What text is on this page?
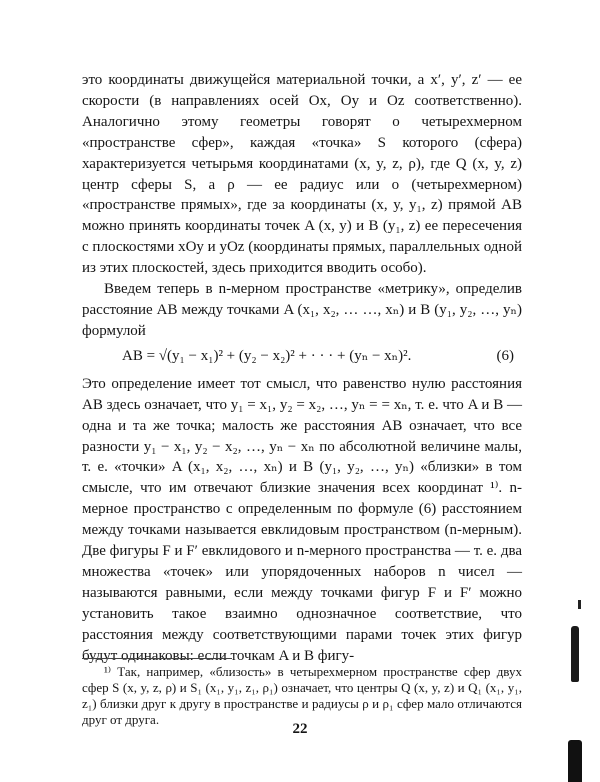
это координаты движущейся материальной точки, а x′, y′, z′ — ее скорости (в направлениях осей Ox, Oy и Oz соответственно). Аналогично этому геометры говорят о четырехмерном «пространстве сфер», каждая «точка» S которого (сфера) характеризуется четырьмя координатами (x, y, z, ρ), где Q (x, y, z) центр сферы S, а ρ — ее радиус или о (четырехмерном) «пространстве прямых», где за координаты (x, y, y₁, z) прямой AB можно принять координаты точек A (x, y) и B (y₁, z) ее пересечения с плоскостями xOy и yOz (координаты прямых, параллельных одной из этих плоскостей, здесь приходится вводить особо).

Введем теперь в n-мерном пространстве «метрику», определив расстояние AB между точками A (x₁, x₂, … …, xₙ) и B (y₁, y₂, …, yₙ) формулой

AB = √(y₁ − x₁)² + (y₂ − x₂)² + · · · + (yₙ − xₙ)².	(6)

Это определение имеет тот смысл, что равенство нулю расстояния AB здесь означает, что y₁ = x₁, y₂ = x₂, …, yₙ = = xₙ, т. е. что A и B — одна и та же точка; малость же расстояния AB означает, что все разности y₁ − x₁, y₂ − x₂, …, yₙ − xₙ по абсолютной величине малы, т. е. «точки» A (x₁, x₂, …, xₙ) и B (y₁, y₂, …, yₙ) «близки» в том смысле, что им отвечают близкие значения всех координат ¹⁾. n-мерное пространство с определенным по формуле (6) расстоянием между точками называется евклидовым пространством (n-мерным). Две фигуры F и F′ евклидового и n-мерного пространства — т. е. два множества «точек» или упорядоченных наборов n чисел — называются равными, если между точками фигур F и F′ можно установить такое взаимно однозначное соответствие, что расстояния между соответствующими парами точек этих фигур будут одинаковы: если точкам A и B фигу-

¹⁾ Так, например, «близость» в четырехмерном пространстве сфер двух сфер S (x, y, z, ρ) и S₁ (x₁, y₁, z₁, ρ₁) означает, что центры Q (x, y, z) и Q₁ (x₁, y₁, z₁) близки друг к другу в пространстве и радиусы ρ и ρ₁ сфер мало отличаются друг от друга.

22
